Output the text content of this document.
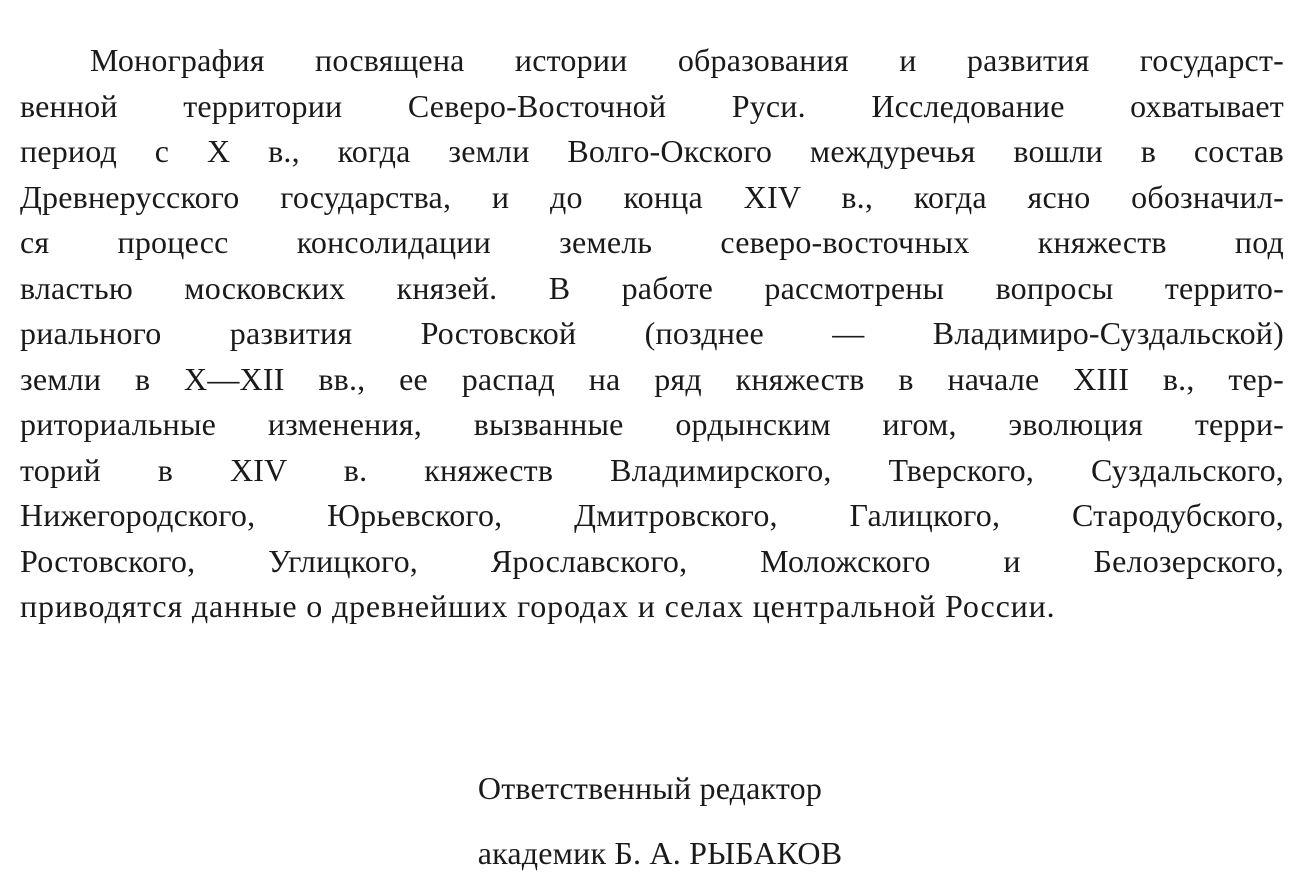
Монография посвящена истории образования и развития государст-
венной территории Северо-Восточной Руси. Исследование охватывает
период с X в., когда земли Волго-Окского междуречья вошли в состав
Древнерусского государства, и до конца XIV в., когда ясно обозначил-
ся процесс консолидации земель северо-восточных княжеств под
властью московских князей. В работе рассмотрены вопросы террито-
риального развития Ростовской (позднее — Владимиро-Суздальской)
земли в X—XII вв., ее распад на ряд княжеств в начале XIII в., тер-
риториальные изменения, вызванные ордынским игом, эволюция терри-
торий в XIV в. княжеств Владимирского, Тверского, Суздальского,
Нижегородского, Юрьевского, Дмитровского, Галицкого, Стародубского,
Ростовского, Углицкого, Ярославского, Моложского и Белозерского,
приводятся данные о древнейших городах и селах центральной России.
Ответственный редактор
академик Б. А. РЫБАКОВ
